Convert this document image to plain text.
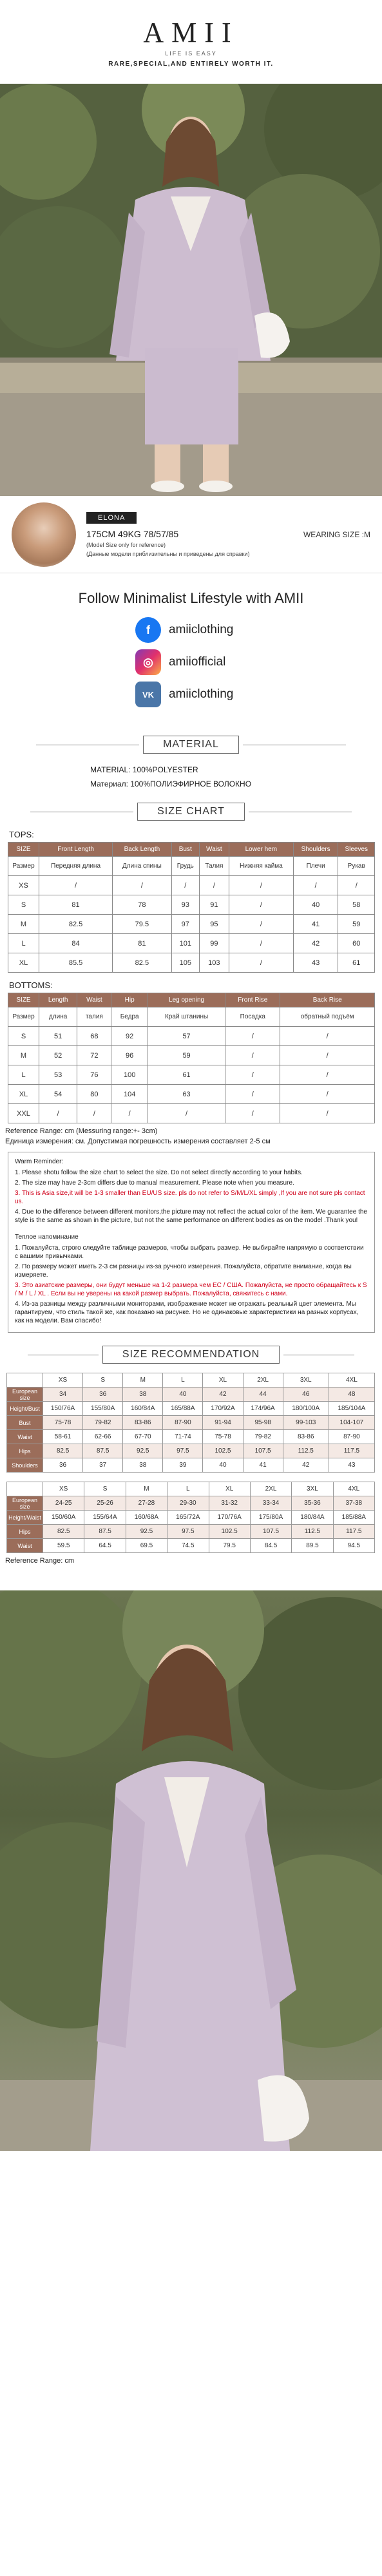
AMII
LIFE IS EASY
RARE,SPECIAL,AND ENTIRELY WORTH IT.
ELONA
175CM 49KG 78/57/85	WEARING SIZE :M
(Model Size only for reference)
(Данные модели приблизительны и приведены для справки)
Follow Minimalist Lifestyle with AMII
f	amiiclothing
◎	amiiofficial
VK	amiiclothing
MATERIAL
MATERIAL: 100%POLYESTER
Материал: 100%ПОЛИЭФИРНОЕ ВОЛОКНО
SIZE CHART
TOPS:
SIZE	Front Length	Back Length	Bust	Waist	Lower hem	Shoulders	Sleeves
Размер	Передняя длина	Длина спины	Грудь	Талия	Нижняя кайма	Плечи	Рукав
XS	/	/	/	/	/	/	/
S	81	78	93	91	/	40	58
M	82.5	79.5	97	95	/	41	59
L	84	81	101	99	/	42	60
XL	85.5	82.5	105	103	/	43	61
BOTTOMS:
SIZE	Length	Waist	Hip	Leg opening	Front Rise	Back Rise
Размер	длина	талия	Бедра	Край штанины	Посадка	обратный подъём
S	51	68	92	57	/	/
M	52	72	96	59	/	/
L	53	76	100	61	/	/
XL	54	80	104	63	/	/
XXL	/	/	/	/	/	/
Reference Range: cm (Messuring range:+- 3cm)
Единица измерения: см. Допустимая погрешность измерения составляет 2-5 см
Warm Reminder:

1. Please shotu follow the size chart to select the size. Do not select directly according to your habits.

2. The size may have 2-3cm differs due to manual measurement. Please note when you measure.

3. This is Asia size,it will be 1-3 smaller than EU/US size. pls do not refer to S/M/L/XL simply ,If you are not sure pls contact us.

4. Due to the difference between different monitors,the picture may not reflect the actual color of the item. We guarantee the style is the same as shown in the picture, but not the same performance on different bodies as on the model .Thank you!

Теплое напоминание

1. Пожалуйста, строго следуйте таблице размеров, чтобы выбрать размер. Не выбирайте напрямую в соответствии с вашими привычками.

2. По размеру может иметь 2-3 см разницы из-за ручного измерения. Пожалуйста, обратите внимание, когда вы измеряете.

3. Это азиатские размеры, они будут меньше на 1-2 размера чем ЕС / США. Пожалуйста, не просто обращайтесь к S / M / L / XL . Если вы не уверены на какой размер выбрать. Пожалуйста, свяжитесь с нами.

4. Из-за разницы между различными мониторами, изображение может не отражать реальный цвет элемента. Мы гарантируем, что стиль такой же, как показано на рисунке. Но не одинаковые характеристики на разных корпусах, как на модели. Вам спасибо!

SIZE RECOMMENDATION
Tops size	XS	S	M	L	XL	2XL	3XL	4XL
European size	34	36	38	40	42	44	46	48
Height/Bust	150/76A	155/80A	160/84A	165/88A	170/92A	174/96A	180/100A	185/104A
Bust	75-78	79-82	83-86	87-90	91-94	95-98	99-103	104-107
Waist	58-61	62-66	67-70	71-74	75-78	79-82	83-86	87-90
Hips	82.5	87.5	92.5	97.5	102.5	107.5	112.5	117.5
Shoulders	36	37	38	39	40	41	42	43
Bottoms size	XS	S	M	L	XL	2XL	3XL	4XL
European size	24-25	25-26	27-28	29-30	31-32	33-34	35-36	37-38
Height/Waist	150/60A	155/64A	160/68A	165/72A	170/76A	175/80A	180/84A	185/88A
Hips	82.5	87.5	92.5	97.5	102.5	107.5	112.5	117.5
Waist	59.5	64.5	69.5	74.5	79.5	84.5	89.5	94.5
Reference Range: cm
